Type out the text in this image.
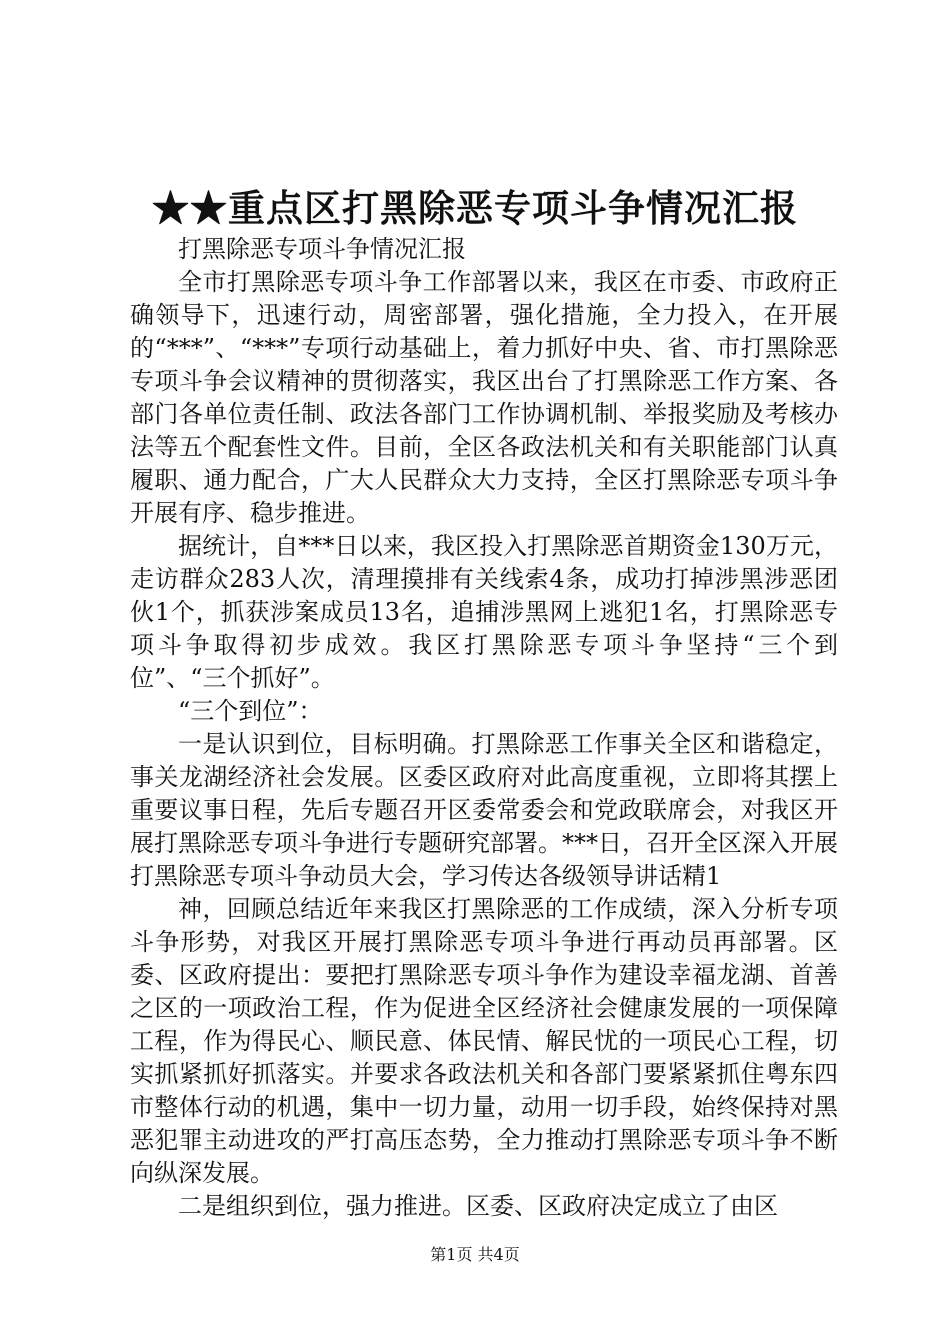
★★重点区打黑除恶专项斗争情况汇报

打黑除恶专项斗争情况汇报

全市打黑除恶专项斗争工作部署以来，我区在市委、市政府正确领导下，迅速行动，周密部署，强化措施，全力投入，在开展的“***”、“***”专项行动基础上，着力抓好中央、省、市打黑除恶专项斗争会议精神的贯彻落实，我区出台了打黑除恶工作方案、各部门各单位责任制、政法各部门工作协调机制、举报奖励及考核办法等五个配套性文件。目前，全区各政法机关和有关职能部门认真履职、通力配合，广大人民群众大力支持，全区打黑除恶专项斗争开展有序、稳步推进。

据统计，自***日以来，我区投入打黑除恶首期资金130万元，走访群众283人次，清理摸排有关线索4条，成功打掉涉黑涉恶团伙1个，抓获涉案成员13名，追捕涉黑网上逃犯1名，打黑除恶专项斗争取得初步成效。我区打黑除恶专项斗争坚持“三个到位”、“三个抓好”。

“三个到位”：

一是认识到位，目标明确。打黑除恶工作事关全区和谐稳定，事关龙湖经济社会发展。区委区政府对此高度重视，立即将其摆上重要议事日程，先后专题召开区委常委会和党政联席会，对我区开展打黑除恶专项斗争进行专题研究部署。***日，召开全区深入开展打黑除恶专项斗争动员大会，学习传达各级领导讲话精1

神，回顾总结近年来我区打黑除恶的工作成绩，深入分析专项斗争形势，对我区开展打黑除恶专项斗争进行再动员再部署。区委、区政府提出：要把打黑除恶专项斗争作为建设幸福龙湖、首善之区的一项政治工程，作为促进全区经济社会健康发展的一项保障工程，作为得民心、顺民意、体民情、解民忧的一项民心工程，切实抓紧抓好抓落实。并要求各政法机关和各部门要紧紧抓住粤东四市整体行动的机遇，集中一切力量，动用一切手段，始终保持对黑恶犯罪主动进攻的严打高压态势，全力推动打黑除恶专项斗争不断向纵深发展。

二是组织到位，强力推进。区委、区政府决定成立了由区

第1页 共4页
